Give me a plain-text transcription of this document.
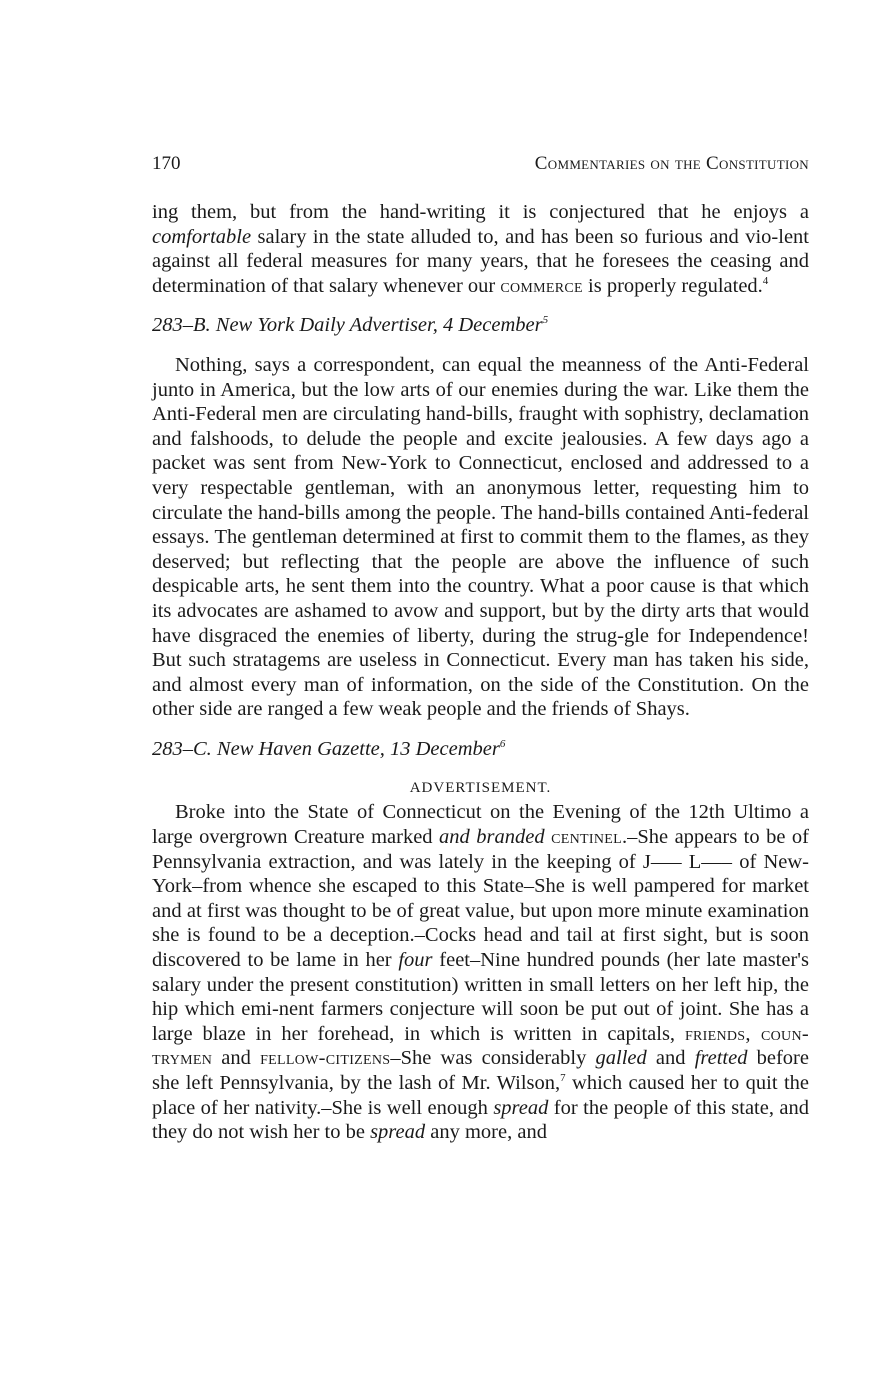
170	Commentaries on the Constitution

ing them, but from the hand-writing it is conjectured that he enjoys a comfortable salary in the state alluded to, and has been so furious and vio-lent against all federal measures for many years, that he foresees the ceasing and determination of that salary whenever our commerce is properly regulated.$^4$

283–B. New York Daily Advertiser, 4 December$^5$

Nothing, says a correspondent, can equal the meanness of the Anti-Federal junto in America, but the low arts of our enemies during the war. Like them the Anti-Federal men are circulating hand-bills, fraught with sophistry, declamation and falshoods, to delude the people and excite jealousies. A few days ago a packet was sent from New-York to Connecticut, enclosed and addressed to a very respectable gentleman, with an anonymous letter, requesting him to circulate the hand-bills among the people. The hand-bills contained Anti-federal essays. The gentleman determined at first to commit them to the flames, as they deserved; but reflecting that the people are above the influence of such despicable arts, he sent them into the country. What a poor cause is that which its advocates are ashamed to avow and support, but by the dirty arts that would have disgraced the enemies of liberty, during the strug-gle for Independence! But such stratagems are useless in Connecticut. Every man has taken his side, and almost every man of information, on the side of the Constitution. On the other side are ranged a few weak people and the friends of Shays.

283–C. New Haven Gazette, 13 December$^6$

ADVERTISEMENT.

Broke into the State of Connecticut on the Evening of the 12th Ultimo a large overgrown Creature marked and branded centinel.–She appears to be of Pennsylvania extraction, and was lately in the keeping of J––– L––– of New-York–from whence she escaped to this State–She is well pampered for market and at first was thought to be of great value, but upon more minute examination she is found to be a deception.–Cocks head and tail at first sight, but is soon discovered to be lame in her four feet–Nine hundred pounds (her late master's salary under the present constitution) written in small letters on her left hip, the hip which emi-nent farmers conjecture will soon be put out of joint. She has a large blaze in her forehead, in which is written in capitals, friends, coun-trymen and fellow-citizens–She was considerably galled and fretted before she left Pennsylvania, by the lash of Mr. Wilson,$^7$ which caused her to quit the place of her nativity.–She is well enough spread for the people of this state, and they do not wish her to be spread any more, and
